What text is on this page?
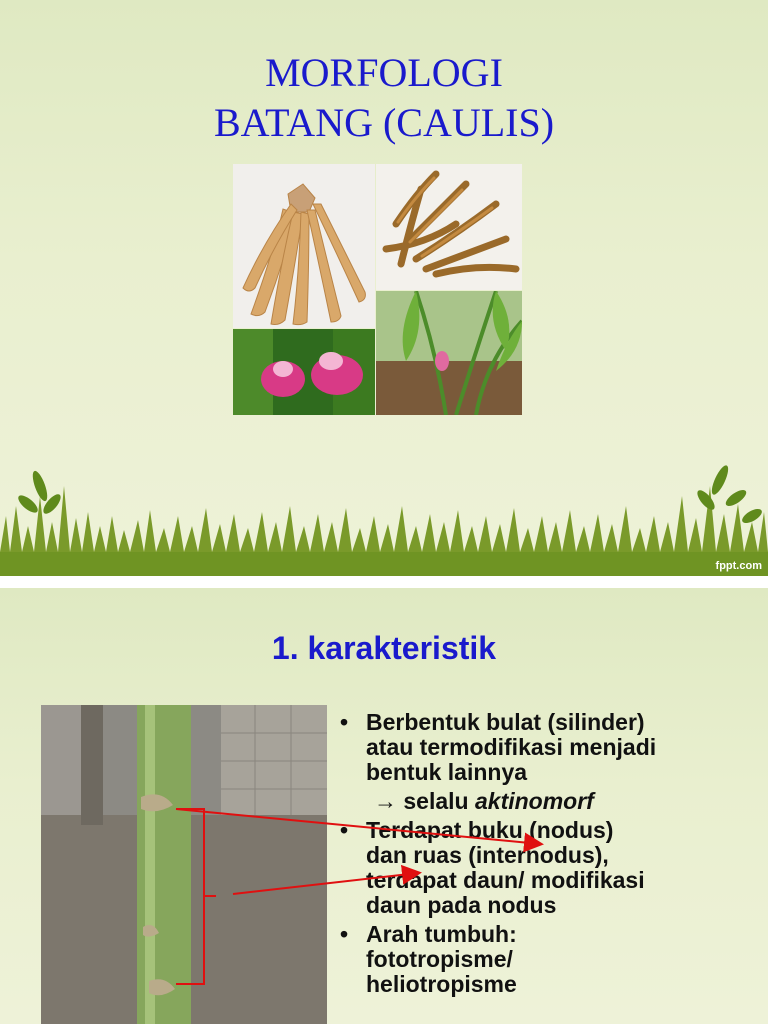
MORFOLOGI
BATANG (CAULIS)
fppt.com
1. karakteristik
• Berbentuk bulat (silinder)
atau termodifikasi menjadi
bentuk lainnya
→ selalu aktinomorf
• Terdapat buku (nodus)
dan ruas (internodus),
terdapat daun/ modifikasi
daun pada nodus
• Arah tumbuh:
fototropisme/
heliotropisme
